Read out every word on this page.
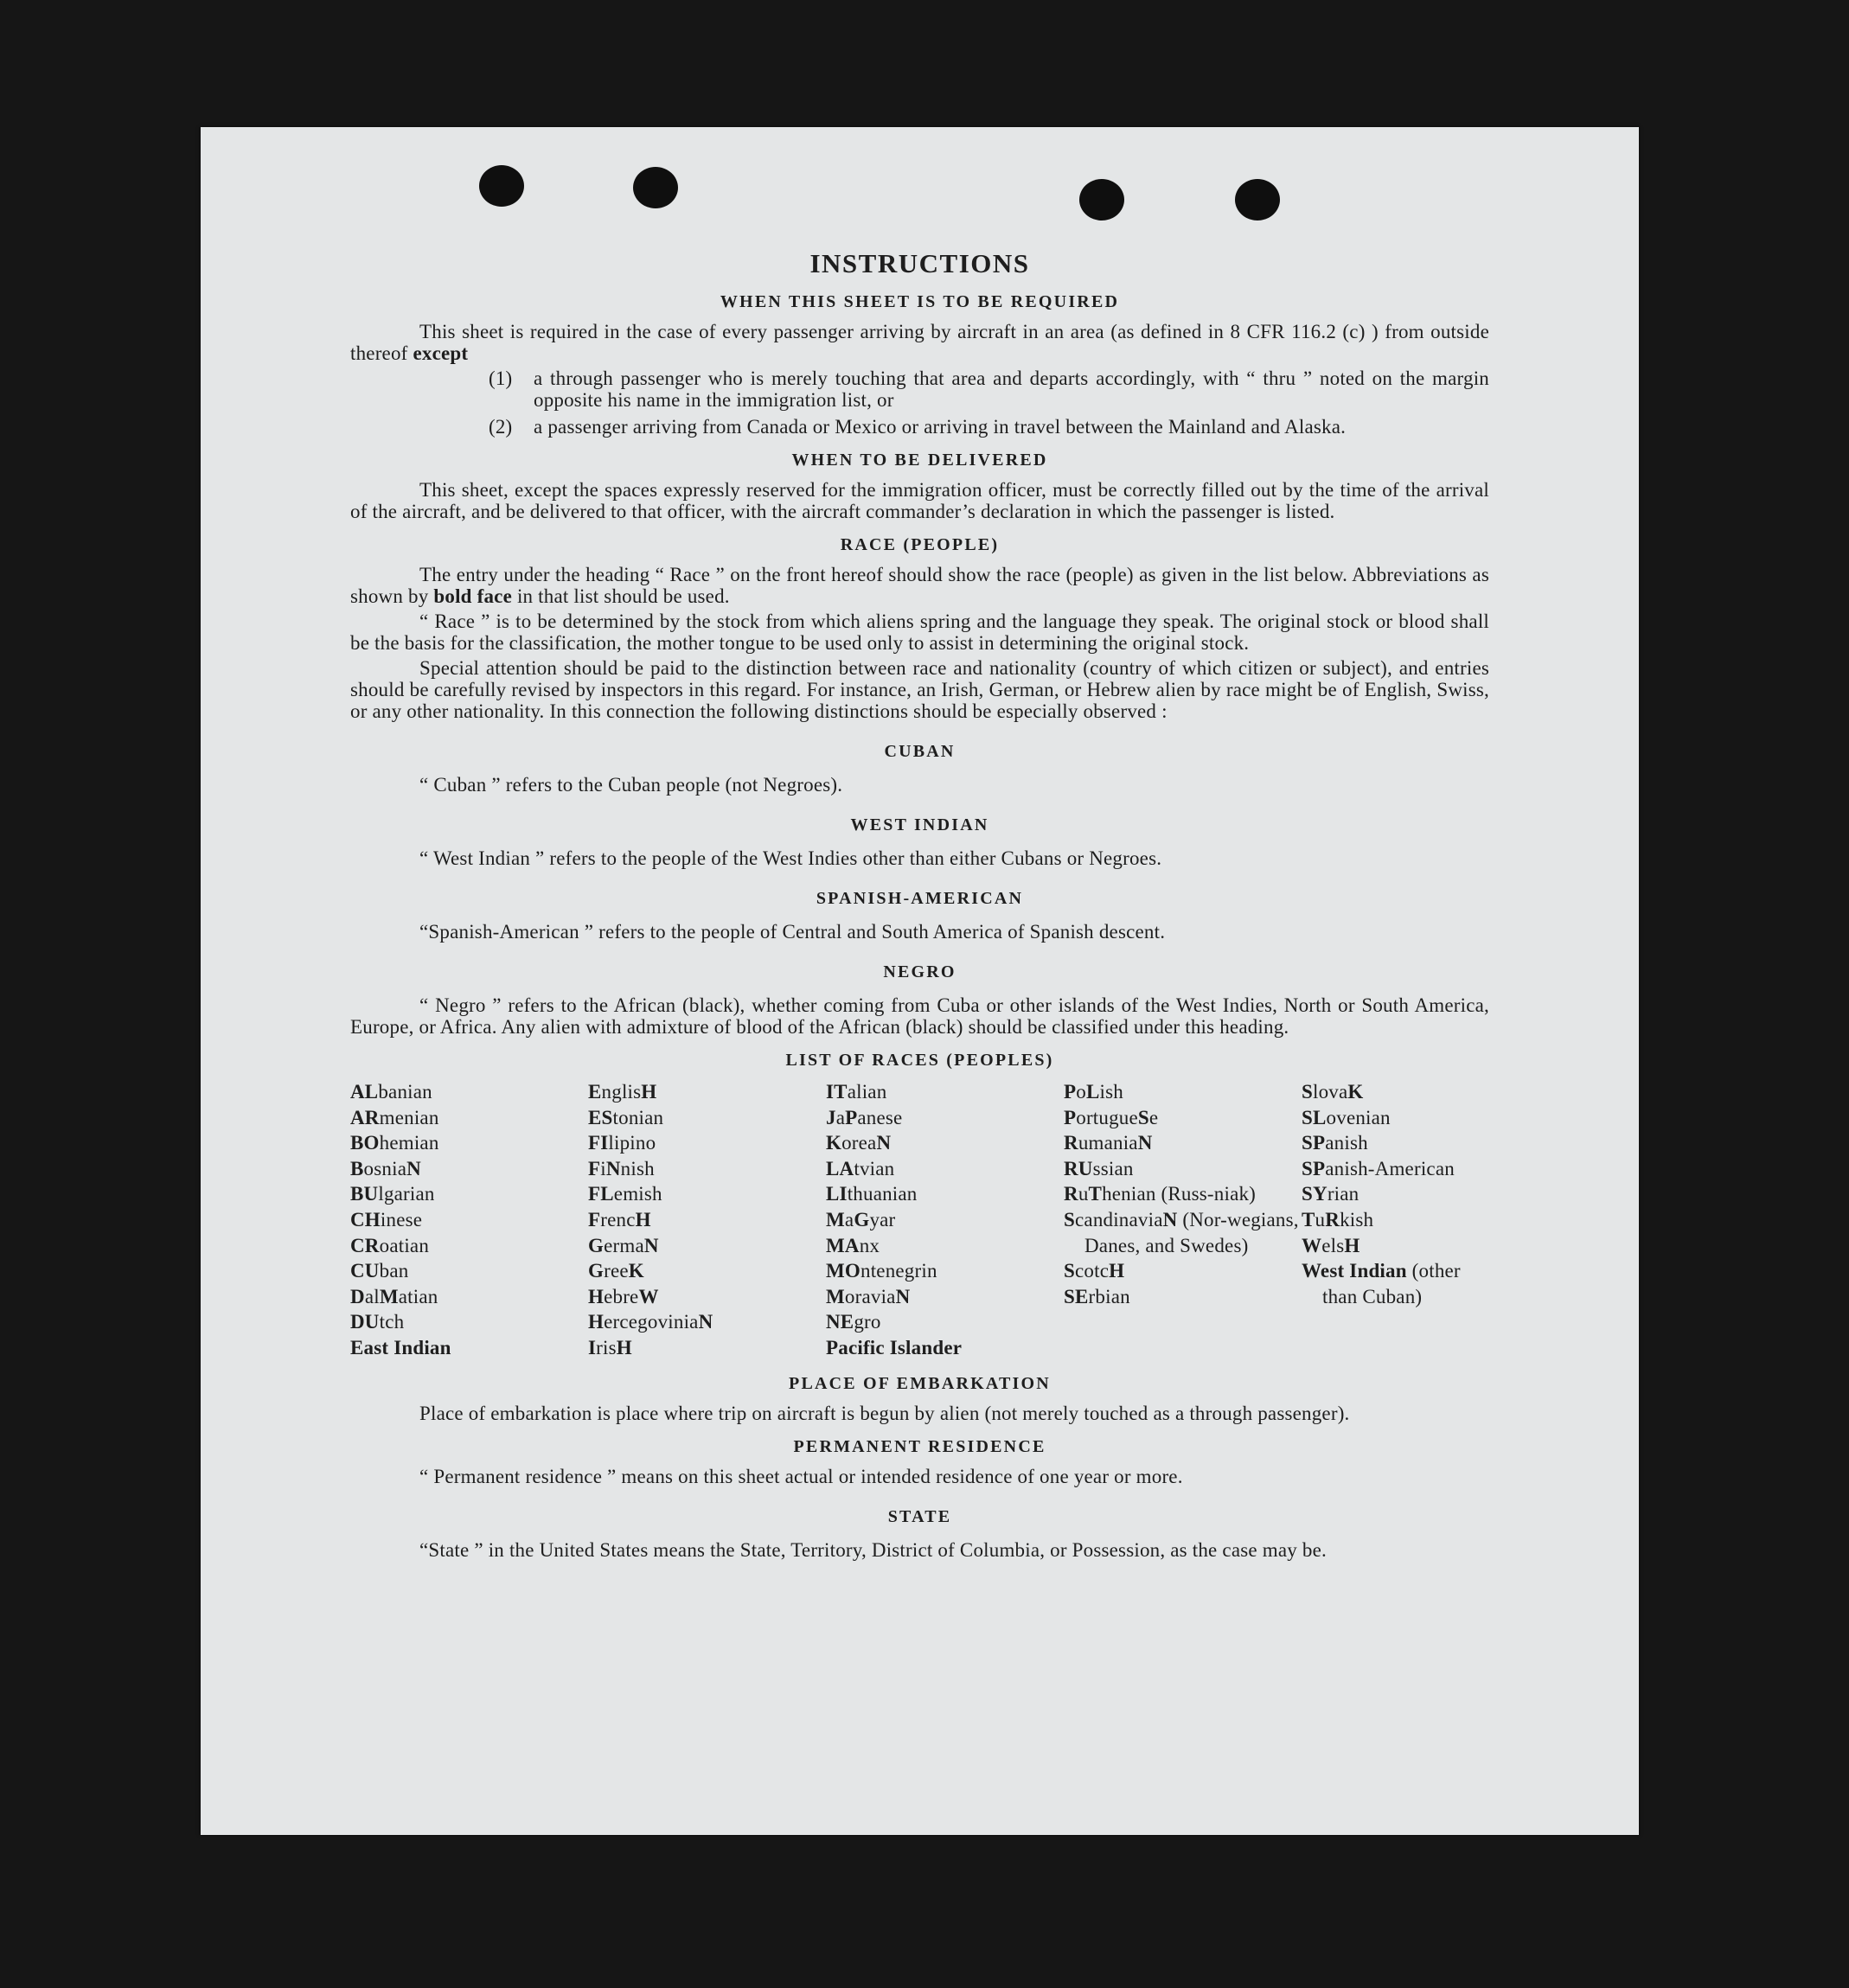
INSTRUCTIONS
WHEN THIS SHEET IS TO BE REQUIRED

This sheet is required in the case of every passenger arriving by aircraft in an area (as defined in 8 CFR 116.2 (c) ) from outside thereof except

(1)	a through passenger who is merely touching that area and departs accordingly, with “ thru ” noted on the margin opposite his name in the immigration list, or
(2)	a passenger arriving from Canada or Mexico or arriving in travel between the Mainland and Alaska.
WHEN TO BE DELIVERED

This sheet, except the spaces expressly reserved for the immigration officer, must be correctly filled out by the time of the arrival of the aircraft, and be delivered to that officer, with the aircraft commander’s declaration in which the passenger is listed.

RACE (PEOPLE)

The entry under the heading “ Race ” on the front hereof should show the race (people) as given in the list below. Abbreviations as shown by bold face in that list should be used.

“ Race ” is to be determined by the stock from which aliens spring and the language they speak. The original stock or blood shall be the basis for the classification, the mother tongue to be used only to assist in determining the original stock.

Special attention should be paid to the distinction between race and nationality (country of which citizen or subject), and entries should be carefully revised by inspectors in this regard. For instance, an Irish, German, or Hebrew alien by race might be of English, Swiss, or any other nationality. In this connection the following distinctions should be especially observed :

CUBAN

“ Cuban ” refers to the Cuban people (not Negroes).

WEST INDIAN

“ West Indian ” refers to the people of the West Indies other than either Cubans or Negroes.

SPANISH-AMERICAN

“Spanish-American ” refers to the people of Central and South America of Spanish descent.

NEGRO

“ Negro ” refers to the African (black), whether coming from Cuba or other islands of the West Indies, North or South America, Europe, or Africa. Any alien with admixture of blood of the African (black) should be classified under this heading.

LIST OF RACES (PEOPLES)
ALbanian
ARmenian
BOhemian
BosniaN
BUlgarian
CHinese
CRoatian
CUban
DalMatian
DUtch
East Indian
EnglisH
EStonian
FIlipino
FiNnish
FLemish
FrencH
GermaN
GreeK
HebreW
HercegoviniaN
IrisH
ITalian
JaPanese
KoreaN
LAtvian
LIthuanian
MaGyar
MAnx
MOntenegrin
MoraviaN
NEgro
Pacific Islander
PoLish
PortugueSe
RumaniaN
RUssian
RuThenian (Russ-niak)
ScandinaviaN (Nor-wegians, Danes, and Swedes)
ScotcH
SErbian
SlovaK
SLovenian
SPanish
SPanish-American
SYrian
TuRkish
WelsH
West Indian (other than Cuban)
PLACE OF EMBARKATION

Place of embarkation is place where trip on aircraft is begun by alien (not merely touched as a through passenger).

PERMANENT RESIDENCE

“ Permanent residence ” means on this sheet actual or intended residence of one year or more.

STATE

“State ” in the United States means the State, Territory, District of Columbia, or Possession, as the case may be.
